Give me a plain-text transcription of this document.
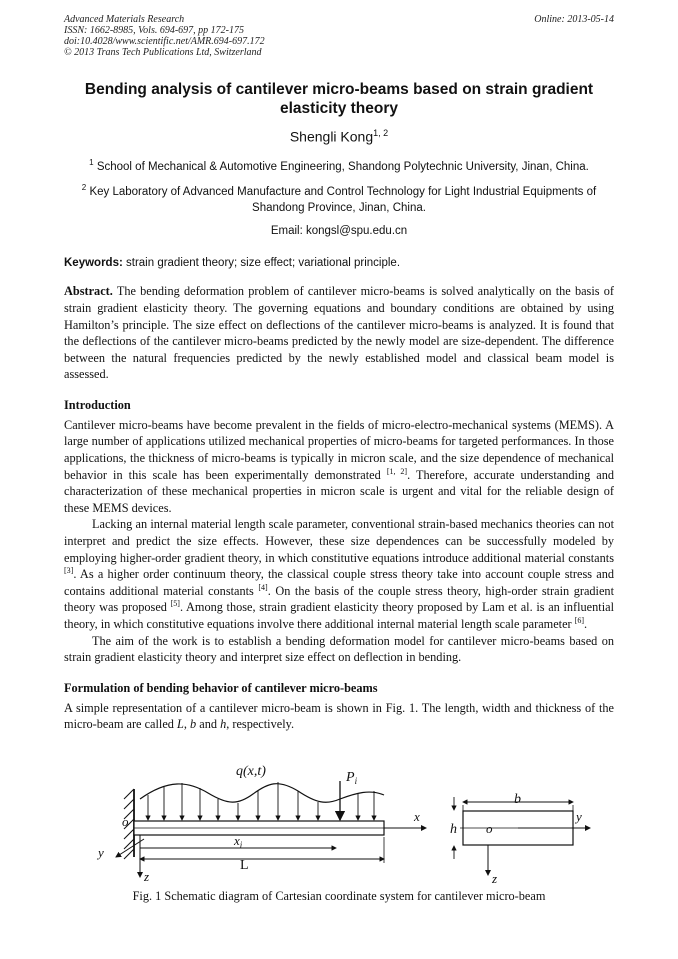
Advanced Materials Research	Online: 2013-05-14
ISSN: 1662-8985, Vols. 694-697, pp 172-175
doi:10.4028/www.scientific.net/AMR.694-697.172
© 2013 Trans Tech Publications Ltd, Switzerland
Bending analysis of cantilever micro-beams based on strain gradient elasticity theory
Shengli Kong$^{1, 2}$
$^1$ School of Mechanical & Automotive Engineering, Shandong Polytechnic University, Jinan, China.
$^2$ Key Laboratory of Advanced Manufacture and Control Technology for Light Industrial Equipments of Shandong Province, Jinan, China.
Email: kongsl@spu.edu.cn
Keywords: strain gradient theory; size effect; variational principle.

Abstract. The bending deformation problem of cantilever micro-beams is solved analytically on the basis of strain gradient elasticity theory. The governing equations and boundary conditions are obtained by using Hamilton’s principle. The size effect on deflections of the cantilever micro-beams is analyzed. It is found that the deflections of the cantilever micro-beams predicted by the newly model are size-dependent. The difference between the natural frequencies predicted by the newly established model and classical beam model is assessed.

Introduction

Cantilever micro-beams have become prevalent in the fields of micro-electro-mechanical systems (MEMS). A large number of applications utilized mechanical properties of micro-beams for targeted performances. In those applications, the thickness of micro-beams is typically in micron scale, and the size dependence of mechanical behavior in this scale has been experimentally demonstrated [1, 2]. Therefore, accurate understanding and characterization of these mechanical properties in micron scale is urgent and vital for the reliable design of these MEMS devices.

Lacking an internal material length scale parameter, conventional strain-based mechanics theories can not interpret and predict the size effects. However, these size dependences can be successfully modeled by employing higher-order gradient theory, in which constitutive equations introduce additional material constants [3]. As a higher order continuum theory, the classical couple stress theory take into account couple stress and contains additional material constants [4]. On the basis of the couple stress theory, high-order strain gradient theory was proposed [5]. Among those, strain gradient elasticity theory proposed by Lam et al. is an influential theory, in which constitutive equations involve there additional internal material length scale parameter [6].

The aim of the work is to establish a bending deformation model for cantilever micro-beams based on strain gradient elasticity theory and interpret size effect on deflection in bending.

Formulation of bending behavior of cantilever micro-beams

A simple representation of a cantilever micro-beam is shown in Fig. 1. The length, width and thickness of the micro-beam are called L, b and h, respectively.

q(x,t)	$P_i$
x
o
z
y
$x_i$
L
b
h o
y
z
Fig. 1 Schematic diagram of Cartesian coordinate system for cantilever micro-beam
